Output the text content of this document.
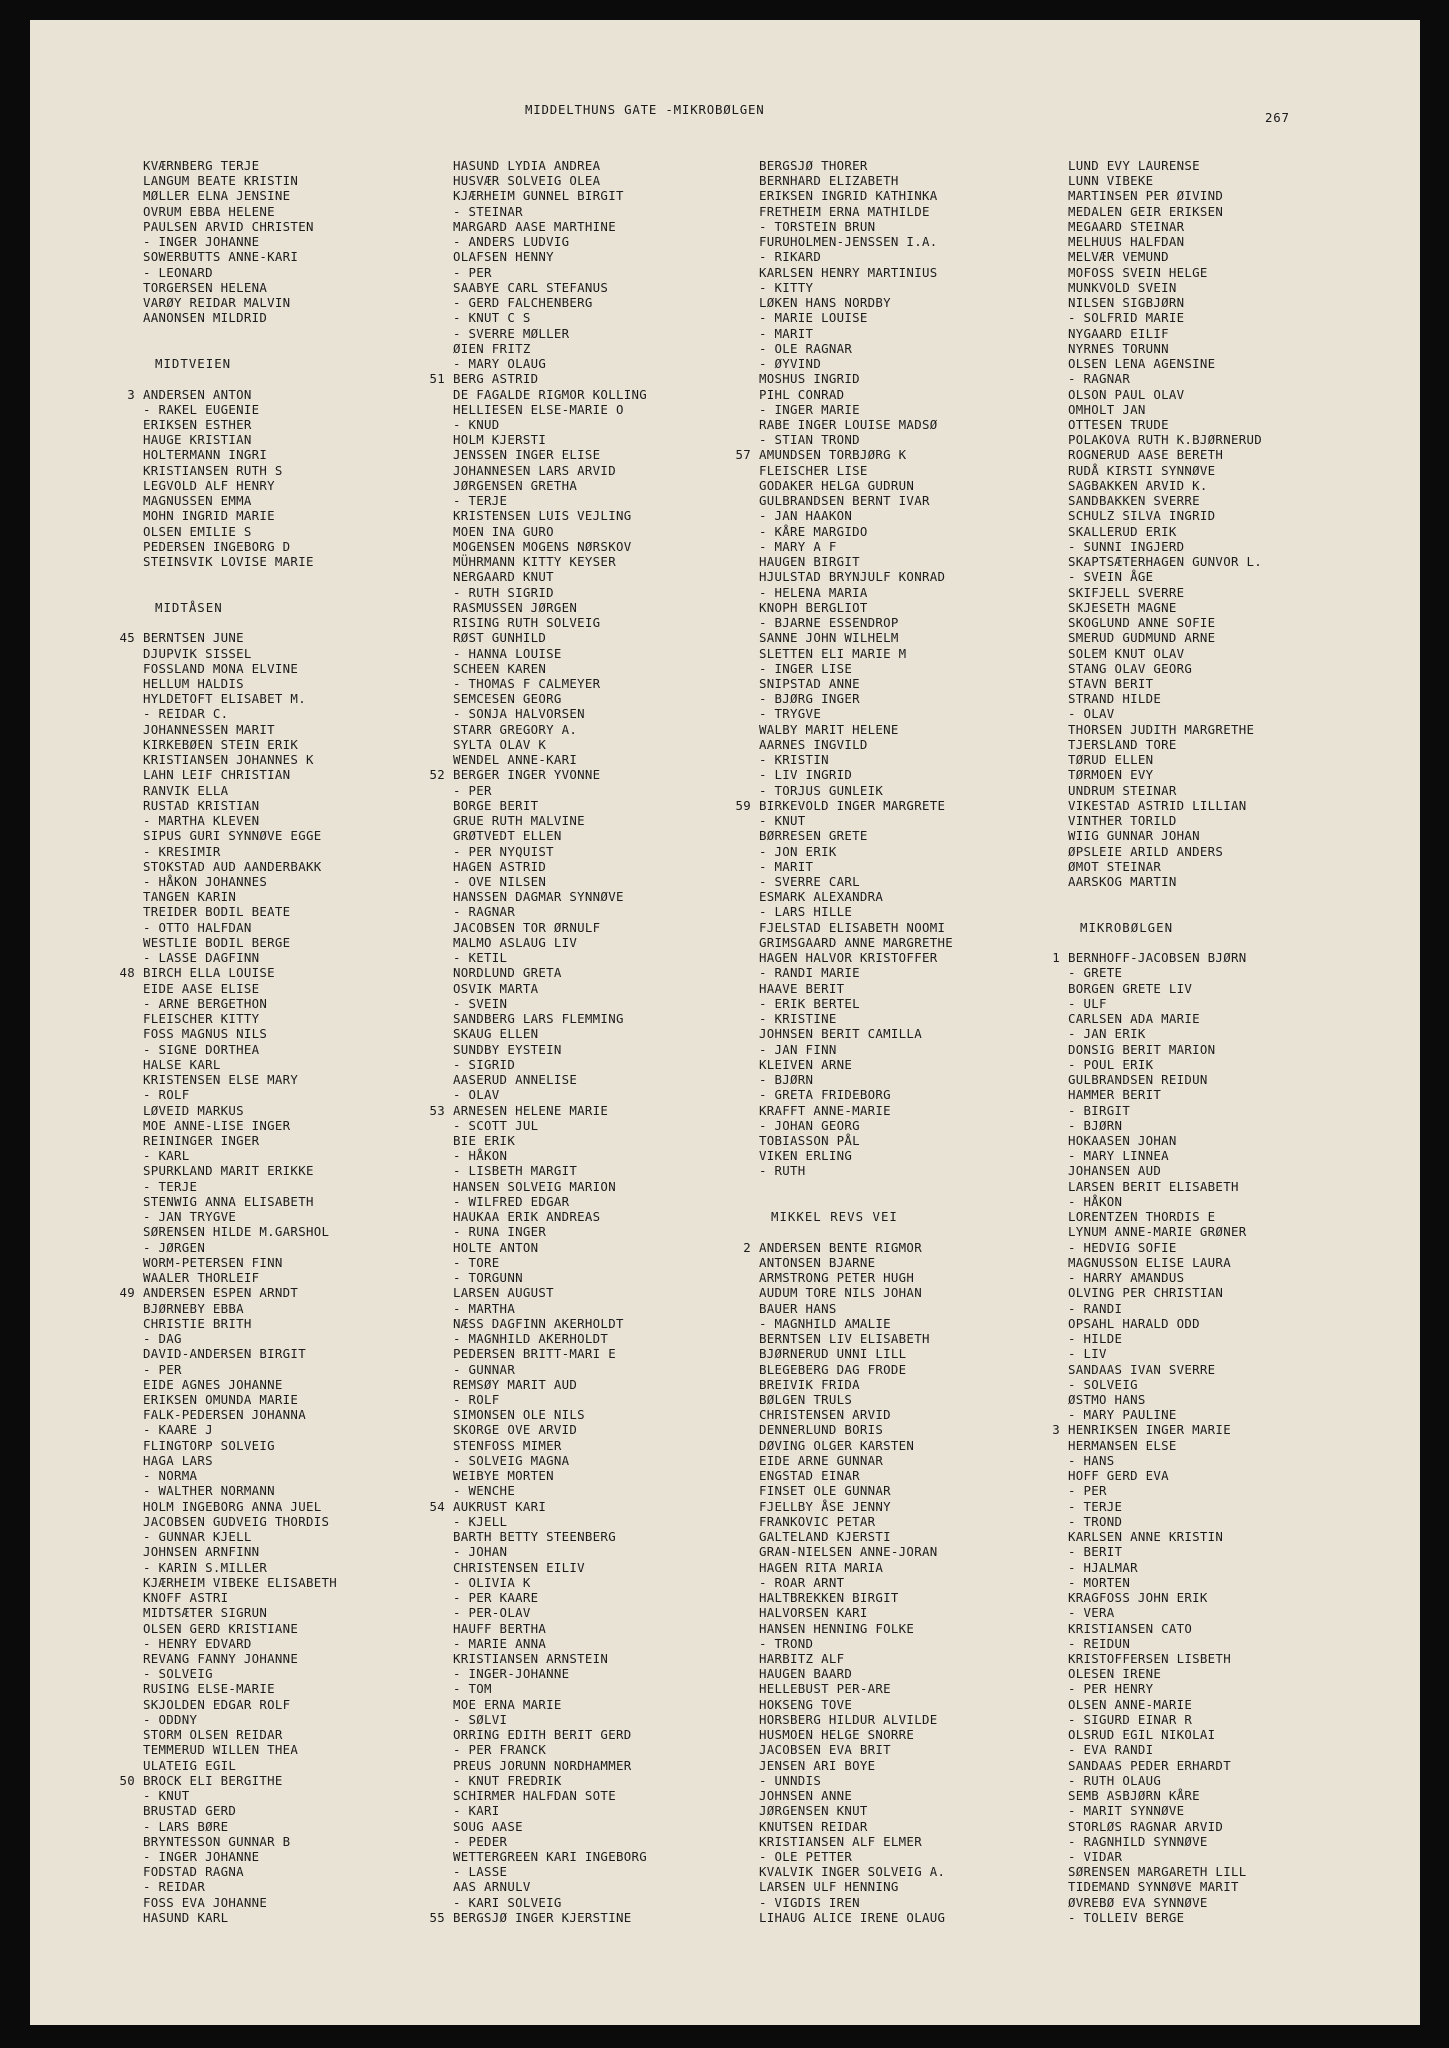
MIDDELTHUNS GATE -MIKROBØLGEN
267
KVÆRNBERG TERJE
LANGUM BEATE KRISTIN
MØLLER ELNA JENSINE
OVRUM EBBA HELENE
PAULSEN ARVID CHRISTEN
- INGER JOHANNE
SOWERBUTTS ANNE-KARI
- LEONARD
TORGERSEN HELENA
VARØY REIDAR MALVIN
AANONSEN MILDRID
MIDTVEIEN
3 ANDERSEN ANTON
- RAKEL EUGENIE
ERIKSEN ESTHER
HAUGE KRISTIAN
HOLTERMANN INGRI
KRISTIANSEN RUTH S
LEGVOLD ALF HENRY
MAGNUSSEN EMMA
MOHN INGRID MARIE
OLSEN EMILIE S
PEDERSEN INGEBORG D
STEINSVIK LOVISE MARIE
MIDTÅSEN
45 BERNTSEN JUNE
DJUPVIK SISSEL
FOSSLAND MONA ELVINE
HELLUM HALDIS
HYLDETOFT ELISABET M.
- REIDAR C.
JOHANNESSEN MARIT
KIRKEBØEN STEIN ERIK
KRISTIANSEN JOHANNES K
LAHN LEIF CHRISTIAN
RANVIK ELLA
RUSTAD KRISTIAN
- MARTHA KLEVEN
SIPUS GURI SYNNØVE EGGE
- KRESIMIR
STOKSTAD AUD AANDERBAKK
- HÅKON JOHANNES
TANGEN KARIN
TREIDER BODIL BEATE
- OTTO HALFDAN
WESTLIE BODIL BERGE
- LASSE DAGFINN
48 BIRCH ELLA LOUISE
EIDE AASE ELISE
- ARNE BERGETHON
FLEISCHER KITTY
FOSS MAGNUS NILS
- SIGNE DORTHEA
HALSE KARL
KRISTENSEN ELSE MARY
- ROLF
LØVEID MARKUS
MOE ANNE-LISE INGER
REININGER INGER
- KARL
SPURKLAND MARIT ERIKKE
- TERJE
STENWIG ANNA ELISABETH
- JAN TRYGVE
SØRENSEN HILDE M.GARSHOL
- JØRGEN
WORM-PETERSEN FINN
WAALER THORLEIF
49 ANDERSEN ESPEN ARNDT
BJØRNEBY EBBA
CHRISTIE BRITH
- DAG
DAVID-ANDERSEN BIRGIT
- PER
EIDE AGNES JOHANNE
ERIKSEN OMUNDA MARIE
FALK-PEDERSEN JOHANNA
- KAARE J
FLINGTORP SOLVEIG
HAGA LARS
- NORMA
- WALTHER NORMANN
HOLM INGEBORG ANNA JUEL
JACOBSEN GUDVEIG THORDIS
- GUNNAR KJELL
JOHNSEN ARNFINN
- KARIN S.MILLER
KJÆRHEIM VIBEKE ELISABETH
KNOFF ASTRI
MIDTSÆTER SIGRUN
OLSEN GERD KRISTIANE
- HENRY EDVARD
REVANG FANNY JOHANNE
- SOLVEIG
RUSING ELSE-MARIE
SKJOLDEN EDGAR ROLF
- ODDNY
STORM OLSEN REIDAR
TEMMERUD WILLEN THEA
ULATEIG EGIL
50 BROCK ELI BERGITHE
- KNUT
BRUSTAD GERD
- LARS BØRE
BRYNTESSON GUNNAR B
- INGER JOHANNE
FODSTAD RAGNA
- REIDAR
FOSS EVA JOHANNE
HASUND KARL
HASUND LYDIA ANDREA
HUSVÆR SOLVEIG OLEA
KJÆRHEIM GUNNEL BIRGIT
- STEINAR
MARGARD AASE MARTHINE
- ANDERS LUDVIG
OLAFSEN HENNY
- PER
SAABYE CARL STEFANUS
- GERD FALCHENBERG
- KNUT C S
- SVERRE MØLLER
ØIEN FRITZ
- MARY OLAUG
51 BERG ASTRID
DE FAGALDE RIGMOR KOLLING
HELLIESEN ELSE-MARIE O
- KNUD
HOLM KJERSTI
JENSSEN INGER ELISE
JOHANNESEN LARS ARVID
JØRGENSEN GRETHA
- TERJE
KRISTENSEN LUIS VEJLING
MOEN INA GURO
MOGENSEN MOGENS NØRSKOV
MÜHRMANN KITTY KEYSER
NERGAARD KNUT
- RUTH SIGRID
RASMUSSEN JØRGEN
RISING RUTH SOLVEIG
RØST GUNHILD
- HANNA LOUISE
SCHEEN KAREN
- THOMAS F CALMEYER
SEMCESEN GEORG
- SONJA HALVORSEN
STARR GREGORY A.
SYLTA OLAV K
WENDEL ANNE-KARI
52 BERGER INGER YVONNE
- PER
BORGE BERIT
GRUE RUTH MALVINE
GRØTVEDT ELLEN
- PER NYQUIST
HAGEN ASTRID
- OVE NILSEN
HANSSEN DAGMAR SYNNØVE
- RAGNAR
JACOBSEN TOR ØRNULF
MALMO ASLAUG LIV
- KETIL
NORDLUND GRETA
OSVIK MARTA
- SVEIN
SANDBERG LARS FLEMMING
SKAUG ELLEN
SUNDBY EYSTEIN
- SIGRID
AASERUD ANNELISE
- OLAV
53 ARNESEN HELENE MARIE
- SCOTT JUL
BIE ERIK
- HÅKON
- LISBETH MARGIT
HANSEN SOLVEIG MARION
- WILFRED EDGAR
HAUKAA ERIK ANDREAS
- RUNA INGER
HOLTE ANTON
- TORE
- TORGUNN
LARSEN AUGUST
- MARTHA
NÆSS DAGFINN AKERHOLDT
- MAGNHILD AKERHOLDT
PEDERSEN BRITT-MARI E
- GUNNAR
REMSØY MARIT AUD
- ROLF
SIMONSEN OLE NILS
SKORGE OVE ARVID
STENFOSS MIMER
- SOLVEIG MAGNA
WEIBYE MORTEN
- WENCHE
54 AUKRUST KARI
- KJELL
BARTH BETTY STEENBERG
- JOHAN
CHRISTENSEN EILIV
- OLIVIA K
- PER KAARE
- PER-OLAV
HAUFF BERTHA
- MARIE ANNA
KRISTIANSEN ARNSTEIN
- INGER-JOHANNE
- TOM
MOE ERNA MARIE
- SØLVI
ORRING EDITH BERIT GERD
- PER FRANCK
PREUS JORUNN NORDHAMMER
- KNUT FREDRIK
SCHIRMER HALFDAN SOTE
- KARI
SOUG AASE
- PEDER
WETTERGREEN KARI INGEBORG
- LASSE
AAS ARNULV
- KARI SOLVEIG
55 BERGSJØ INGER KJERSTINE
BERGSJØ THORER
BERNHARD ELIZABETH
ERIKSEN INGRID KATHINKA
FRETHEIM ERNA MATHILDE
- TORSTEIN BRUN
FURUHOLMEN-JENSSEN I.A.
- RIKARD
KARLSEN HENRY MARTINIUS
- KITTY
LØKEN HANS NORDBY
- MARIE LOUISE
- MARIT
- OLE RAGNAR
- ØYVIND
MOSHUS INGRID
PIHL CONRAD
- INGER MARIE
RABE INGER LOUISE MADSØ
- STIAN TROND
57 AMUNDSEN TORBJØRG K
FLEISCHER LISE
GODAKER HELGA GUDRUN
GULBRANDSEN BERNT IVAR
- JAN HAAKON
- KÅRE MARGIDO
- MARY A F
HAUGEN BIRGIT
HJULSTAD BRYNJULF KONRAD
- HELENA MARIA
KNOPH BERGLIOT
- BJARNE ESSENDROP
SANNE JOHN WILHELM
SLETTEN ELI MARIE M
- INGER LISE
SNIPSTAD ANNE
- BJØRG INGER
- TRYGVE
WALBY MARIT HELENE
AARNES INGVILD
- KRISTIN
- LIV INGRID
- TORJUS GUNLEIK
59 BIRKEVOLD INGER MARGRETE
- KNUT
BØRRESEN GRETE
- JON ERIK
- MARIT
- SVERRE CARL
ESMARK ALEXANDRA
- LARS HILLE
FJELSTAD ELISABETH NOOMI
GRIMSGAARD ANNE MARGRETHE
HAGEN HALVOR KRISTOFFER
- RANDI MARIE
HAAVE BERIT
- ERIK BERTEL
- KRISTINE
JOHNSEN BERIT CAMILLA
- JAN FINN
KLEIVEN ARNE
- BJØRN
- GRETA FRIDEBORG
KRAFFT ANNE-MARIE
- JOHAN GEORG
TOBIASSON PÅL
VIKEN ERLING
- RUTH
MIKKEL REVS VEI
2 ANDERSEN BENTE RIGMOR
ANTONSEN BJARNE
ARMSTRONG PETER HUGH
AUDUM TORE NILS JOHAN
BAUER HANS
- MAGNHILD AMALIE
BERNTSEN LIV ELISABETH
BJØRNERUD UNNI LILL
BLEGEBERG DAG FRODE
BREIVIK FRIDA
BØLGEN TRULS
CHRISTENSEN ARVID
DENNERLUND BORIS
DØVING OLGER KARSTEN
EIDE ARNE GUNNAR
ENGSTAD EINAR
FINSET OLE GUNNAR
FJELLBY ÅSE JENNY
FRANKOVIC PETAR
GALTELAND KJERSTI
GRAN-NIELSEN ANNE-JORAN
HAGEN RITA MARIA
- ROAR ARNT
HALTBREKKEN BIRGIT
HALVORSEN KARI
HANSEN HENNING FOLKE
- TROND
HARBITZ ALF
HAUGEN BAARD
HELLEBUST PER-ARE
HOKSENG TOVE
HORSBERG HILDUR ALVILDE
HUSMOEN HELGE SNORRE
JACOBSEN EVA BRIT
JENSEN ARI BOYE
- UNNDIS
JOHNSEN ANNE
JØRGENSEN KNUT
KNUTSEN REIDAR
KRISTIANSEN ALF ELMER
- OLE PETTER
KVALVIK INGER SOLVEIG A.
LARSEN ULF HENNING
- VIGDIS IREN
LIHAUG ALICE IRENE OLAUG
LUND EVY LAURENSE
LUNN VIBEKE
MARTINSEN PER ØIVIND
MEDALEN GEIR ERIKSEN
MEGAARD STEINAR
MELHUUS HALFDAN
MELVÆR VEMUND
MOFOSS SVEIN HELGE
MUNKVOLD SVEIN
NILSEN SIGBJØRN
- SOLFRID MARIE
NYGAARD EILIF
NYRNES TORUNN
OLSEN LENA AGENSINE
- RAGNAR
OLSON PAUL OLAV
OMHOLT JAN
OTTESEN TRUDE
POLAKOVA RUTH K.BJØRNERUD
ROGNERUD AASE BERETH
RUDÅ KIRSTI SYNNØVE
SAGBAKKEN ARVID K.
SANDBAKKEN SVERRE
SCHULZ SILVA INGRID
SKALLERUD ERIK
- SUNNI INGJERD
SKAPTSÆTERHAGEN GUNVOR L.
- SVEIN ÅGE
SKIFJELL SVERRE
SKJESETH MAGNE
SKOGLUND ANNE SOFIE
SMERUD GUDMUND ARNE
SOLEM KNUT OLAV
STANG OLAV GEORG
STAVN BERIT
STRAND HILDE
- OLAV
THORSEN JUDITH MARGRETHE
TJERSLAND TORE
TØRUD ELLEN
TØRMOEN EVY
UNDRUM STEINAR
VIKESTAD ASTRID LILLIAN
VINTHER TORILD
WIIG GUNNAR JOHAN
ØPSLEIE ARILD ANDERS
ØMOT STEINAR
AARSKOG MARTIN
MIKROBØLGEN
1 BERNHOFF-JACOBSEN BJØRN
- GRETE
BORGEN GRETE LIV
- ULF
CARLSEN ADA MARIE
- JAN ERIK
DONSIG BERIT MARION
- POUL ERIK
GULBRANDSEN REIDUN
HAMMER BERIT
- BIRGIT
- BJØRN
HOKAASEN JOHAN
- MARY LINNEA
JOHANSEN AUD
LARSEN BERIT ELISABETH
- HÅKON
LORENTZEN THORDIS E
LYNUM ANNE-MARIE GRØNER
- HEDVIG SOFIE
MAGNUSSON ELISE LAURA
- HARRY AMANDUS
OLVING PER CHRISTIAN
- RANDI
OPSAHL HARALD ODD
- HILDE
- LIV
SANDAAS IVAN SVERRE
- SOLVEIG
ØSTMO HANS
- MARY PAULINE
3 HENRIKSEN INGER MARIE
HERMANSEN ELSE
- HANS
HOFF GERD EVA
- PER
- TERJE
- TROND
KARLSEN ANNE KRISTIN
- BERIT
- HJALMAR
- MORTEN
KRAGFOSS JOHN ERIK
- VERA
KRISTIANSEN CATO
- REIDUN
KRISTOFFERSEN LISBETH
OLESEN IRENE
- PER HENRY
OLSEN ANNE-MARIE
- SIGURD EINAR R
OLSRUD EGIL NIKOLAI
- EVA RANDI
SANDAAS PEDER ERHARDT
- RUTH OLAUG
SEMB ASBJØRN KÅRE
- MARIT SYNNØVE
STORLØS RAGNAR ARVID
- RAGNHILD SYNNØVE
- VIDAR
SØRENSEN MARGARETH LILL
TIDEMAND SYNNØVE MARIT
ØVREBØ EVA SYNNØVE
- TOLLEIV BERGE
